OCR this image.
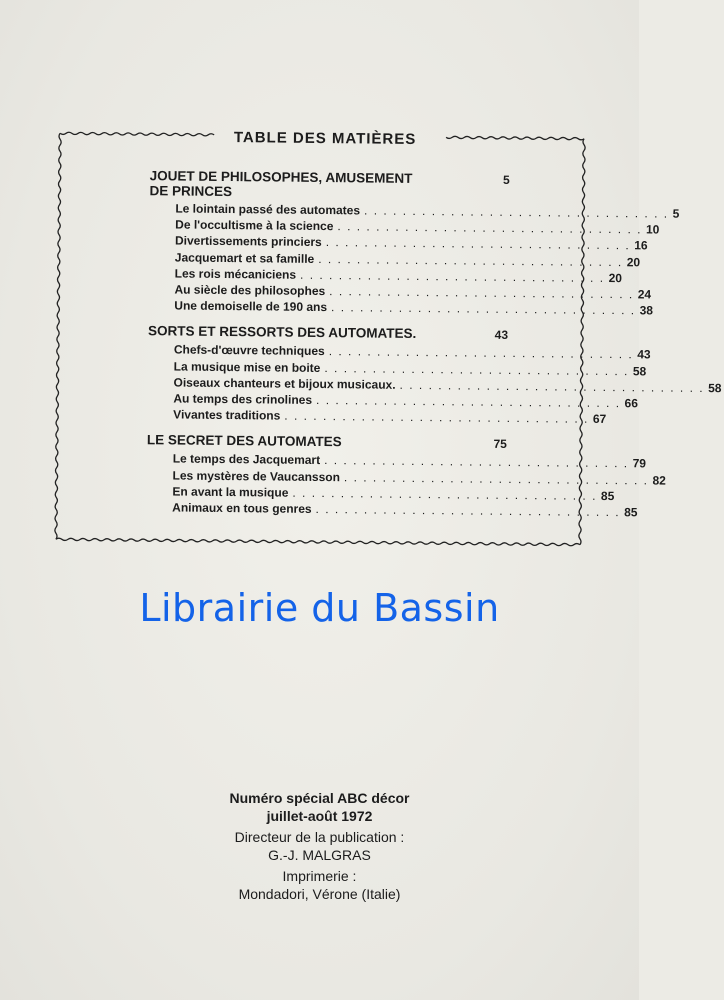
TABLE DES MATIÈRES
JOUET DE PHILOSOPHES, AMUSEMENT
DE PRINCES
5
Le lointain passé des automates . . . . . . . . . . . . . . . . . . . . . . . . . . . . . . . . 5
De l'occultisme à la science . . . . . . . . . . . . . . . . . . . . . . . . . . . . . . . . 10
Divertissements princiers . . . . . . . . . . . . . . . . . . . . . . . . . . . . . . . . 16
Jacquemart et sa famille . . . . . . . . . . . . . . . . . . . . . . . . . . . . . . . . 20
Les rois mécaniciens . . . . . . . . . . . . . . . . . . . . . . . . . . . . . . . . 20
Au siècle des philosophes . . . . . . . . . . . . . . . . . . . . . . . . . . . . . . . . 24
Une demoiselle de 190 ans . . . . . . . . . . . . . . . . . . . . . . . . . . . . . . . . 38
SORTS ET RESSORTS DES AUTOMATES.	43
Chefs-d'œuvre techniques . . . . . . . . . . . . . . . . . . . . . . . . . . . . . . . . 43
La musique mise en boite . . . . . . . . . . . . . . . . . . . . . . . . . . . . . . . . 58
Oiseaux chanteurs et bijoux musicaux. . . . . . . . . . . . . . . . . . . . . . . . . . . . . . . . . 58
Au temps des crinolines . . . . . . . . . . . . . . . . . . . . . . . . . . . . . . . . 66
Vivantes traditions . . . . . . . . . . . . . . . . . . . . . . . . . . . . . . . . 67
LE SECRET DES AUTOMATES	75
Le temps des Jacquemart . . . . . . . . . . . . . . . . . . . . . . . . . . . . . . . . 79
Les mystères de Vaucansson . . . . . . . . . . . . . . . . . . . . . . . . . . . . . . . . 82
En avant la musique . . . . . . . . . . . . . . . . . . . . . . . . . . . . . . . . 85
Animaux en tous genres . . . . . . . . . . . . . . . . . . . . . . . . . . . . . . . . 85
Librairie du Bassin
Numéro spécial ABC décor
juillet-août 1972
Directeur de la publication :
G.-J. MALGRAS
Imprimerie :
Mondadori, Vérone (Italie)
